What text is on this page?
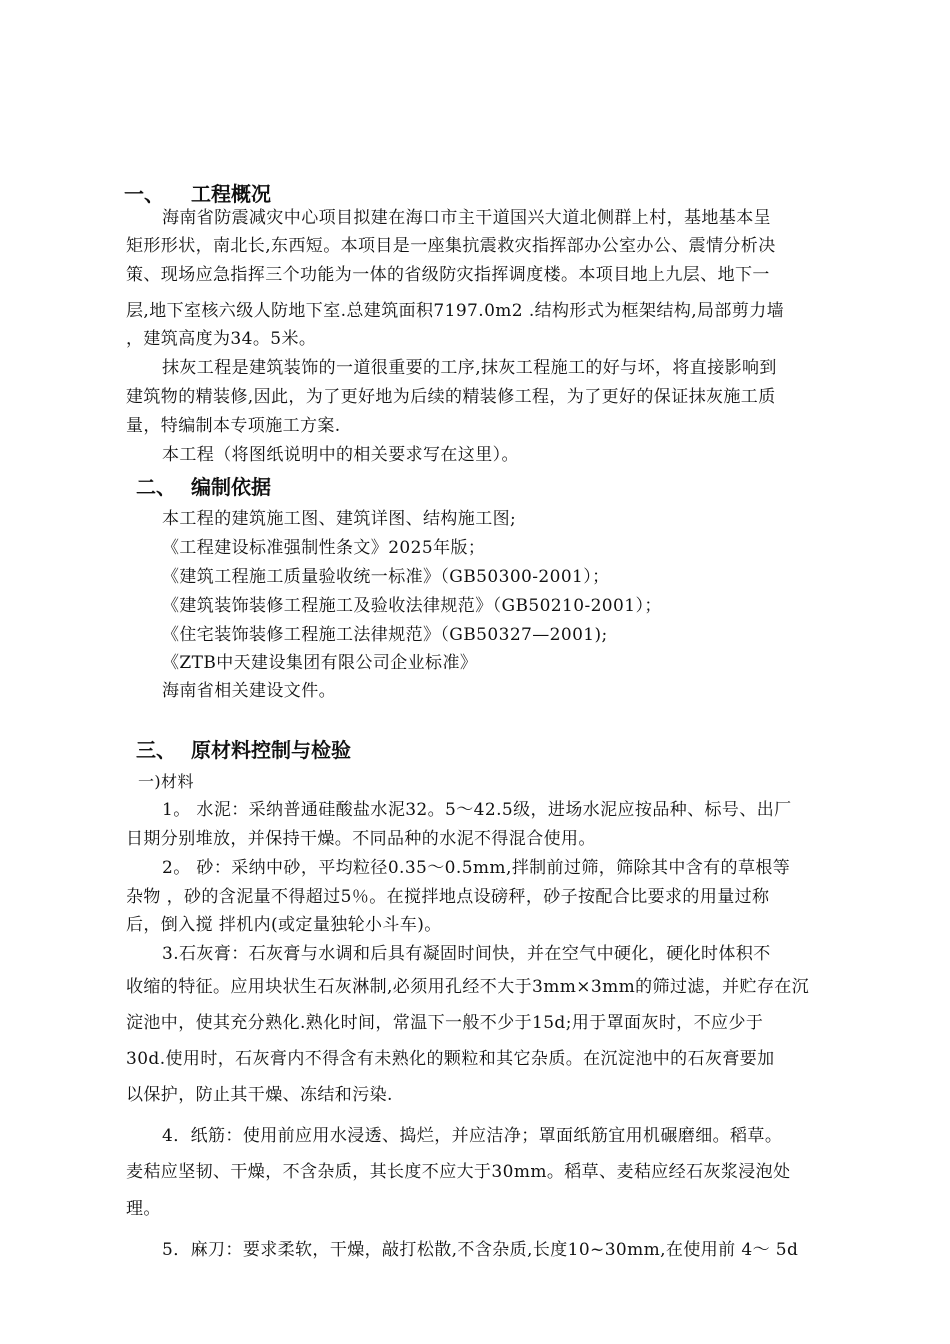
一、 工程概况
海南省防震减灾中心项目拟建在海口市主干道国兴大道北侧群上村，基地基本呈
矩形形状，南北长,东西短。本项目是一座集抗震救灾指挥部办公室办公、震情分析决
策、现场应急指挥三个功能为一体的省级防灾指挥调度楼。本项目地上九层、地下一
层,地下室核六级人防地下室.总建筑面积7197.0m2 .结构形式为框架结构,局部剪力墙
，建筑高度为34。5米。
抹灰工程是建筑装饰的一道很重要的工序,抹灰工程施工的好与坏，将直接影响到
建筑物的精装修,因此，为了更好地为后续的精装修工程，为了更好的保证抹灰施工质
量，特编制本专项施工方案.
本工程（将图纸说明中的相关要求写在这里）。
二、 编制依据
本工程的建筑施工图、建筑详图、结构施工图;
《工程建设标准强制性条文》2025年版；
《建筑工程施工质量验收统一标准》（GB50300-2001）；
《建筑装饰装修工程施工及验收法律规范》（GB50210-2001）；
《住宅装饰装修工程施工法律规范》（GB50327—2001);
《ZTB中天建设集团有限公司企业标准》
海南省相关建设文件。
三、 原材料控制与检验
一)材料
1。 水泥：采纳普通硅酸盐水泥32。5～42.5级，进场水泥应按品种、标号、出厂
日期分别堆放，并保持干燥。不同品种的水泥不得混合使用。
2。 砂：采纳中砂，平均粒径0.35～0.5mm,拌制前过筛，筛除其中含有的草根等
杂物 ，砂的含泥量不得超过5％。在搅拌地点设磅秤，砂子按配合比要求的用量过称
后，倒入搅 拌机内(或定量独轮小斗车)。
3.石灰膏：石灰膏与水调和后具有凝固时间快，并在空气中硬化，硬化时体积不
收缩的特征。应用块状生石灰淋制,必须用孔经不大于3mm×3mm的筛过滤，并贮存在沉
淀池中，使其充分熟化.熟化时间，常温下一般不少于15d;用于罩面灰时，不应少于
30d.使用时，石灰膏内不得含有未熟化的颗粒和其它杂质。在沉淀池中的石灰膏要加
以保护，防止其干燥、冻结和污染.
4．纸筋：使用前应用水浸透、捣烂，并应洁净；罩面纸筋宜用机碾磨细。稻草。
麦秸应坚韧、干燥，不含杂质，其长度不应大于30mm。稻草、麦秸应经石灰浆浸泡处
理。
5．麻刀：要求柔软，干燥，敲打松散,不含杂质,长度10~30mm,在使用前 4～ 5d
